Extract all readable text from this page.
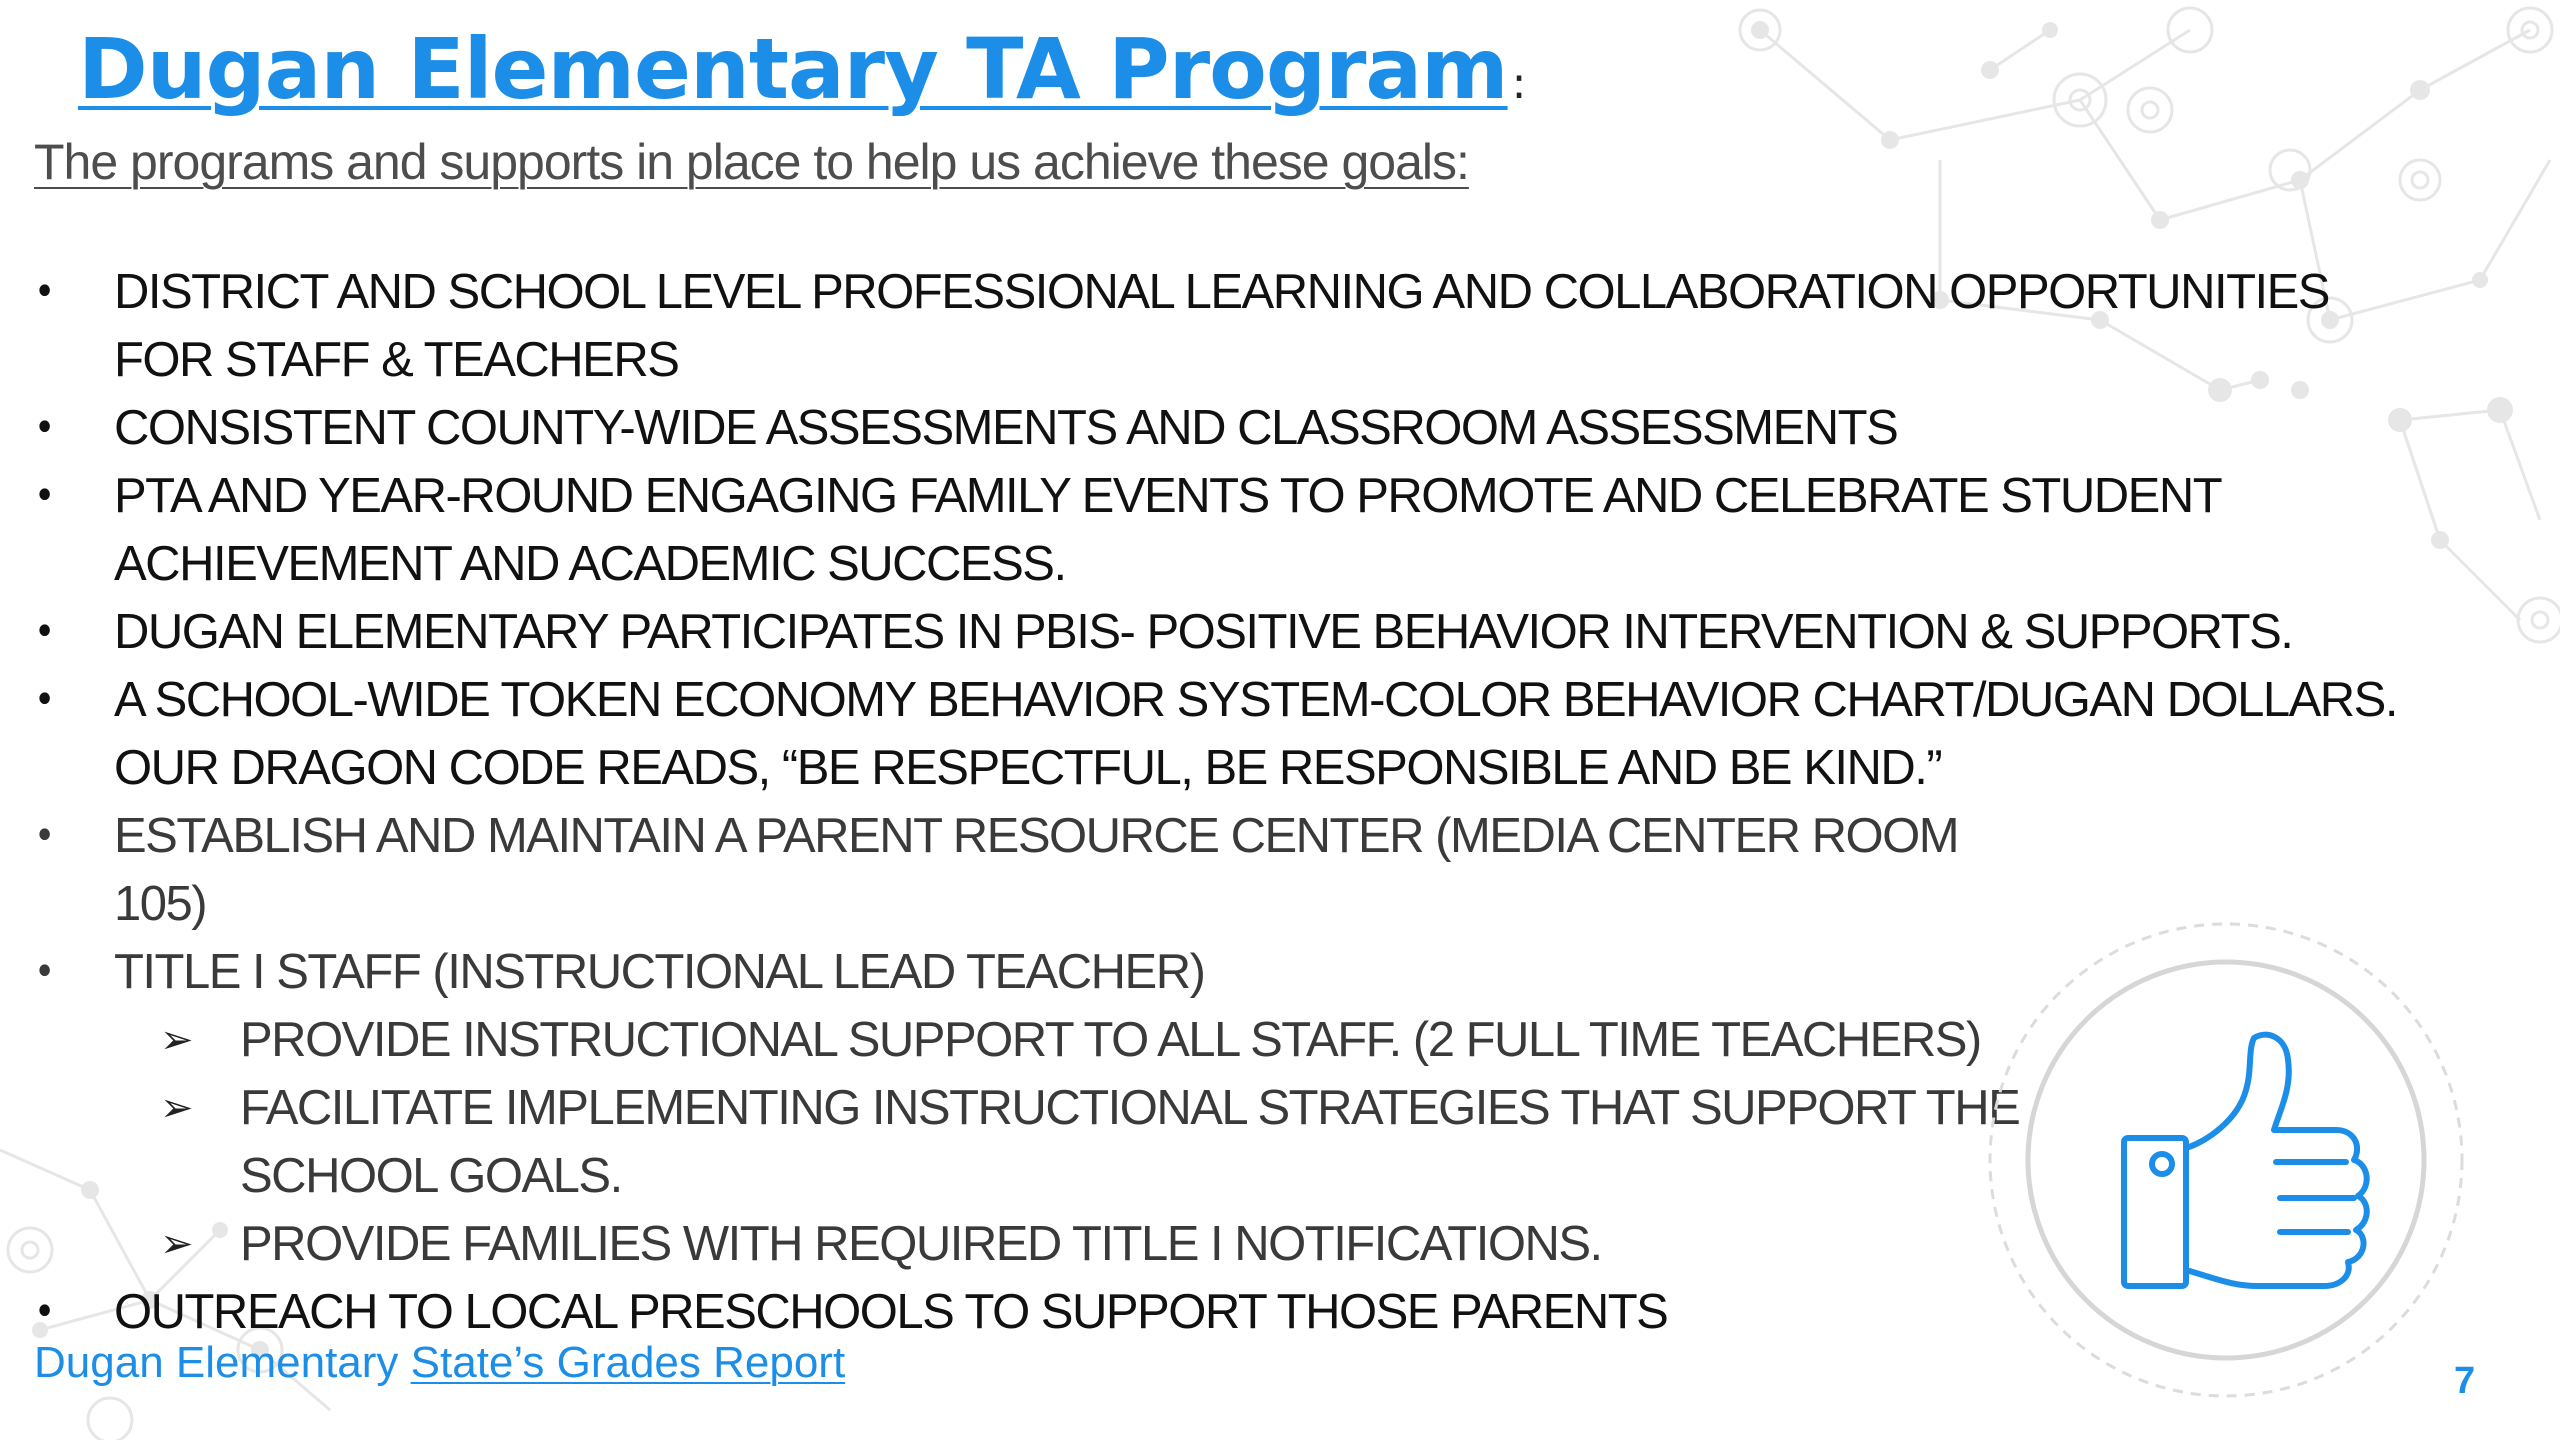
Dugan Elementary TA Program:
The programs and supports in place to help us achieve these goals:
• DISTRICT AND SCHOOL LEVEL PROFESSIONAL LEARNING AND COLLABORATION OPPORTUNITIES FOR STAFF & TEACHERS
• CONSISTENT COUNTY-WIDE ASSESSMENTS AND CLASSROOM ASSESSMENTS
• PTA AND YEAR-ROUND ENGAGING FAMILY EVENTS TO PROMOTE AND CELEBRATE STUDENT ACHIEVEMENT AND ACADEMIC SUCCESS.
• DUGAN ELEMENTARY PARTICIPATES IN PBIS- POSITIVE BEHAVIOR INTERVENTION & SUPPORTS.
• A SCHOOL-WIDE TOKEN ECONOMY BEHAVIOR SYSTEM-COLOR BEHAVIOR CHART/DUGAN DOLLARS. OUR DRAGON CODE READS, “BE RESPECTFUL, BE RESPONSIBLE AND BE KIND.”
• ESTABLISH AND MAINTAIN A PARENT RESOURCE CENTER (MEDIA CENTER ROOM 105)
• TITLE I STAFF (INSTRUCTIONAL LEAD TEACHER)
➢ PROVIDE INSTRUCTIONAL SUPPORT TO ALL STAFF. (2 FULL TIME TEACHERS)
➢ FACILITATE IMPLEMENTING INSTRUCTIONAL STRATEGIES THAT SUPPORT THE SCHOOL GOALS.
➢ PROVIDE FAMILIES WITH REQUIRED TITLE I NOTIFICATIONS.
• OUTREACH TO LOCAL PRESCHOOLS TO SUPPORT THOSE PARENTS
Dugan Elementary State’s Grades Report	7
